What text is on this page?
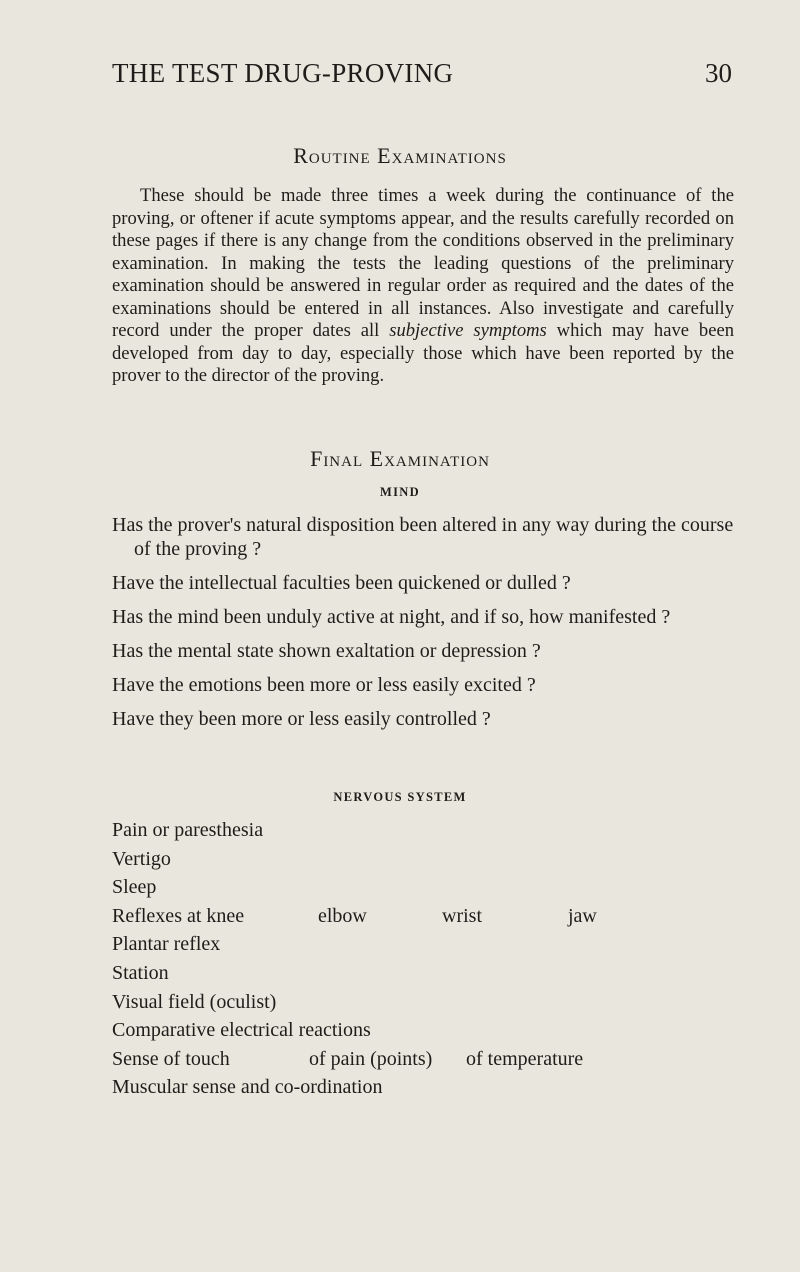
THE TEST DRUG-PROVING	30
Routine Examinations

These should be made three times a week during the continuance of the proving, or oftener if acute symptoms appear, and the results carefully recorded on these pages if there is any change from the conditions observed in the preliminary examination. In making the tests the leading questions of the preliminary examination should be answered in regular order as required and the dates of the examinations should be entered in all instances. Also investigate and carefully record under the proper dates all subjective symptoms which may have been developed from day to day, especially those which have been reported by the prover to the director of the proving.

Final Examination
MIND

Has the prover's natural disposition been altered in any way during the course of the proving ?

Have the intellectual faculties been quickened or dulled ?

Has the mind been unduly active at night, and if so, how manifested ?

Has the mental state shown exaltation or depression ?

Have the emotions been more or less easily excited ?

Have they been more or less easily controlled ?

NERVOUS SYSTEM

Pain or paresthesia

Vertigo

Sleep

Reflexes at knee	elbow	wrist	jaw

Plantar reflex

Station

Visual field (oculist)

Comparative electrical reactions

Sense of touch	of pain (points) of temperature

Muscular sense and co-ordination
